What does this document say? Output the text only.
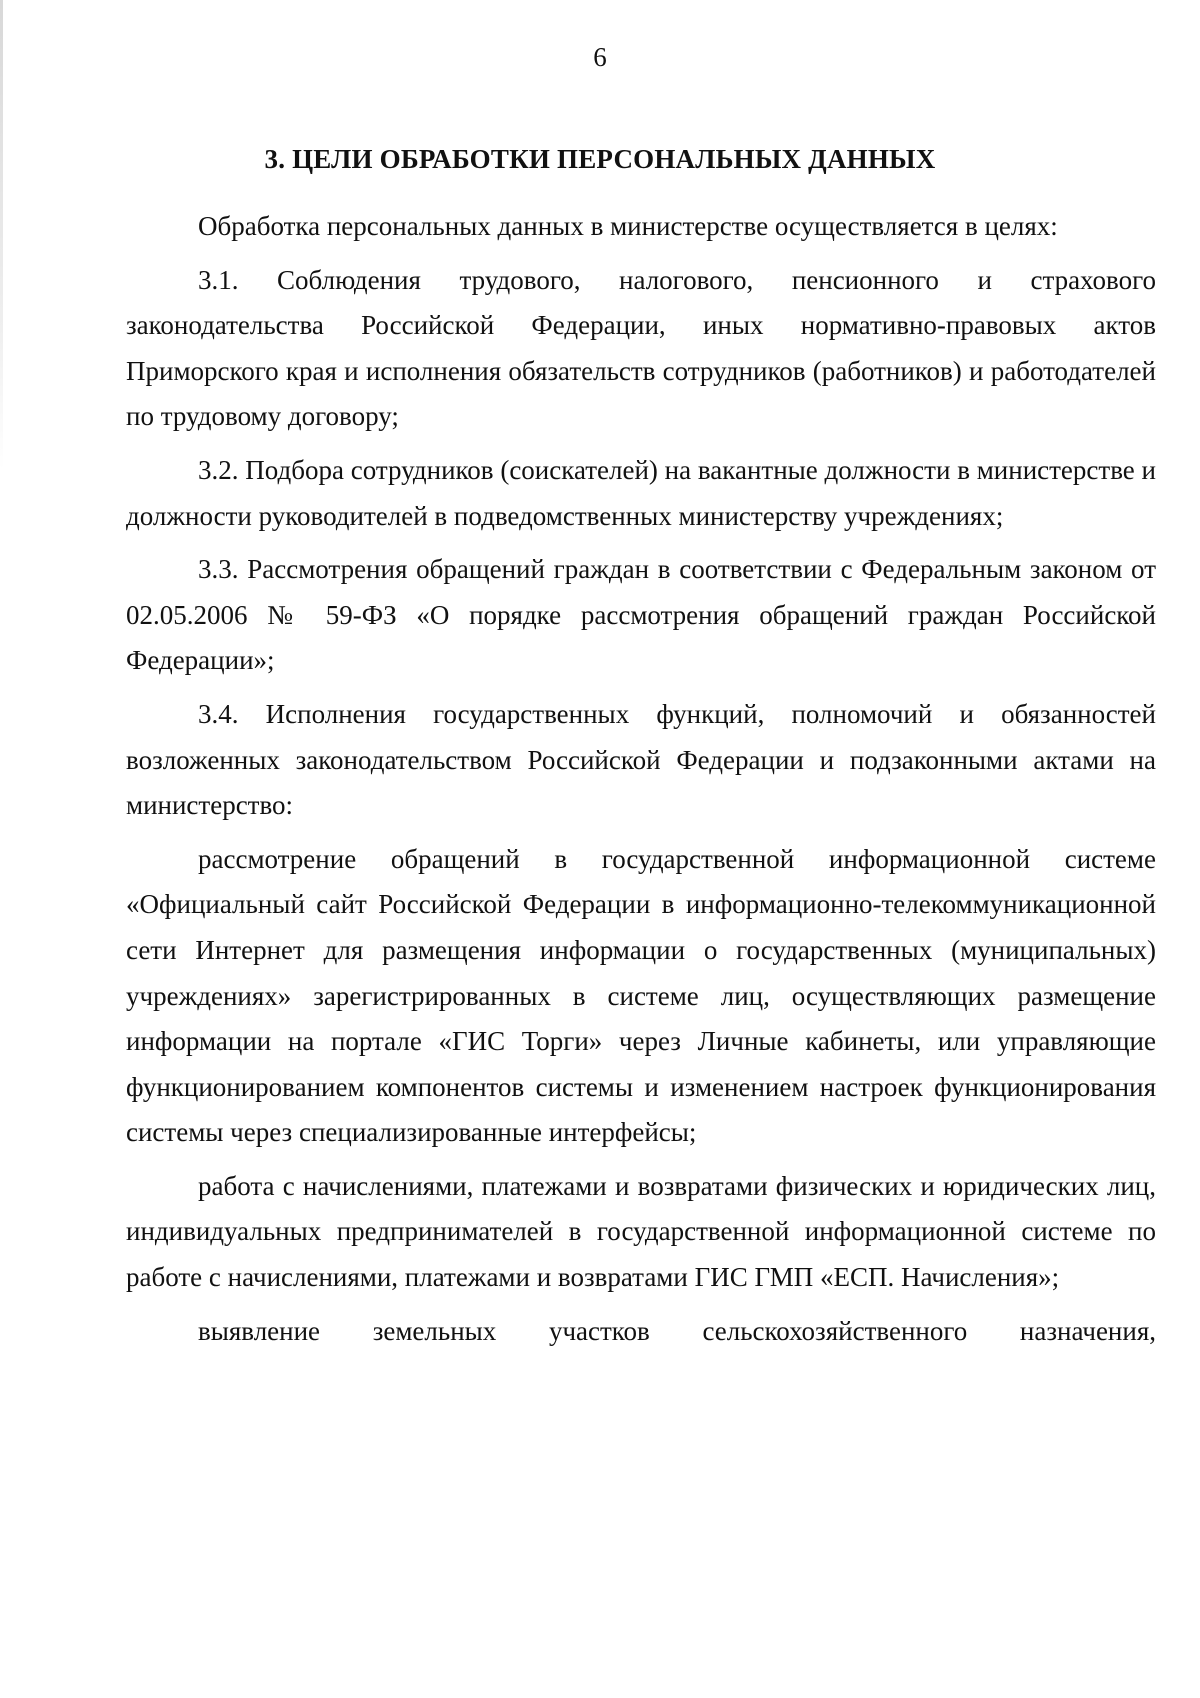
6
3. ЦЕЛИ ОБРАБОТКИ ПЕРСОНАЛЬНЫХ ДАННЫХ

Обработка персональных данных в министерстве осуществляется в целях:

3.1. Соблюдения трудового, налогового, пенсионного и страхового законодательства Российской Федерации, иных нормативно-правовых актов Приморского края и исполнения обязательств сотрудников (работников) и работодателей по трудовому договору;

3.2. Подбора сотрудников (соискателей) на вакантные должности в министерстве и должности руководителей в подведомственных министерству учреждениях;

3.3. Рассмотрения обращений граждан в соответствии с Федеральным законом от 02.05.2006 № 59-ФЗ «О порядке рассмотрения обращений граждан Российской Федерации»;

3.4. Исполнения государственных функций, полномочий и обязанностей возложенных законодательством Российской Федерации и подзаконными актами на министерство:

рассмотрение обращений в государственной информационной системе «Официальный сайт Российской Федерации в информационно-телекоммуникационной сети Интернет для размещения информации о государственных (муниципальных) учреждениях» зарегистрированных в системе лиц, осуществляющих размещение информации на портале «ГИС Торги» через Личные кабинеты, или управляющие функционированием компонентов системы и изменением настроек функционирования системы через специализированные интерфейсы;

работа с начислениями, платежами и возвратами физических и юридических лиц, индивидуальных предпринимателей в государственной информационной системе по работе с начислениями, платежами и возвратами ГИС ГМП «ЕСП. Начисления»;

выявление земельных участков сельскохозяйственного назначения,
